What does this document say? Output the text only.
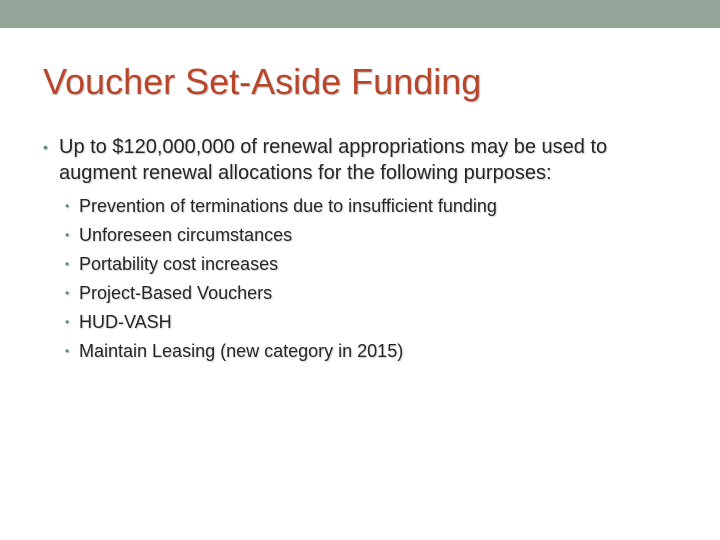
Voucher Set-Aside Funding
• Up to $120,000,000 of renewal appropriations may be used to augment renewal allocations for the following purposes:
• Prevention of terminations due to insufficient funding
• Unforeseen circumstances
• Portability cost increases
• Project-Based Vouchers
• HUD-VASH
• Maintain Leasing (new category in 2015)
